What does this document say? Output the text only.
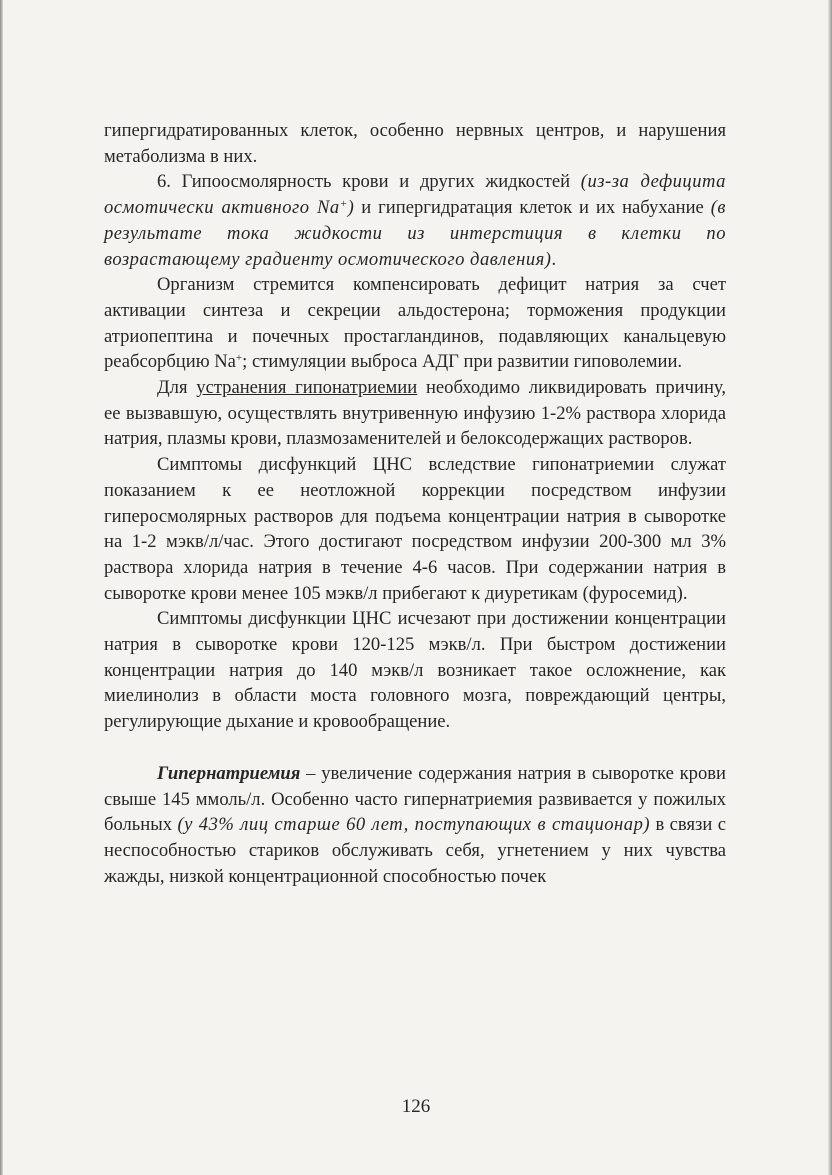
гипергидратированных клеток, особенно нервных центров, и нарушения метаболизма в них.

6. Гипоосмолярность крови и других жидкостей (из-за дефицита осмотически активного Na+) и гипергидратация клеток и их набухание (в результате тока жидкости из интерстиция в клетки по возрастающему градиенту осмотического давления).

Организм стремится компенсировать дефицит натрия за счет активации синтеза и секреции альдостерона; торможения продукции атриопептина и почечных простагландинов, подавляющих канальцевую реабсорбцию Na+; стимуляции выброса АДГ при развитии гиповолемии.

Для устранения гипонатриемии необходимо ликвидировать причину, ее вызвавшую, осуществлять внутривенную инфузию 1-2% раствора хлорида натрия, плазмы крови, плазмозаменителей и белоксодержащих растворов.

Симптомы дисфункций ЦНС вследствие гипонатриемии служат показанием к ее неотложной коррекции посредством инфузии гиперосмолярных растворов для подъема концентрации натрия в сыворотке на 1-2 мэкв/л/час. Этого достигают посредством инфузии 200-300 мл 3% раствора хлорида натрия в течение 4-6 часов. При содержании натрия в сыворотке крови менее 105 мэкв/л прибегают к диуретикам (фуросемид).

Симптомы дисфункции ЦНС исчезают при достижении концентрации натрия в сыворотке крови 120-125 мэкв/л. При быстром достижении концентрации натрия до 140 мэкв/л возникает такое осложнение, как миелинолиз в области моста головного мозга, повреждающий центры, регулирующие дыхание и кровообращение.

Гипернатриемия – увеличение содержания натрия в сыворотке крови свыше 145 ммоль/л. Особенно часто гипернатриемия развивается у пожилых больных (у 43% лиц старше 60 лет, поступающих в стационар) в связи с неспособностью стариков обслуживать себя, угнетением у них чувства жажды, низкой концентрационной способностью почек

126
